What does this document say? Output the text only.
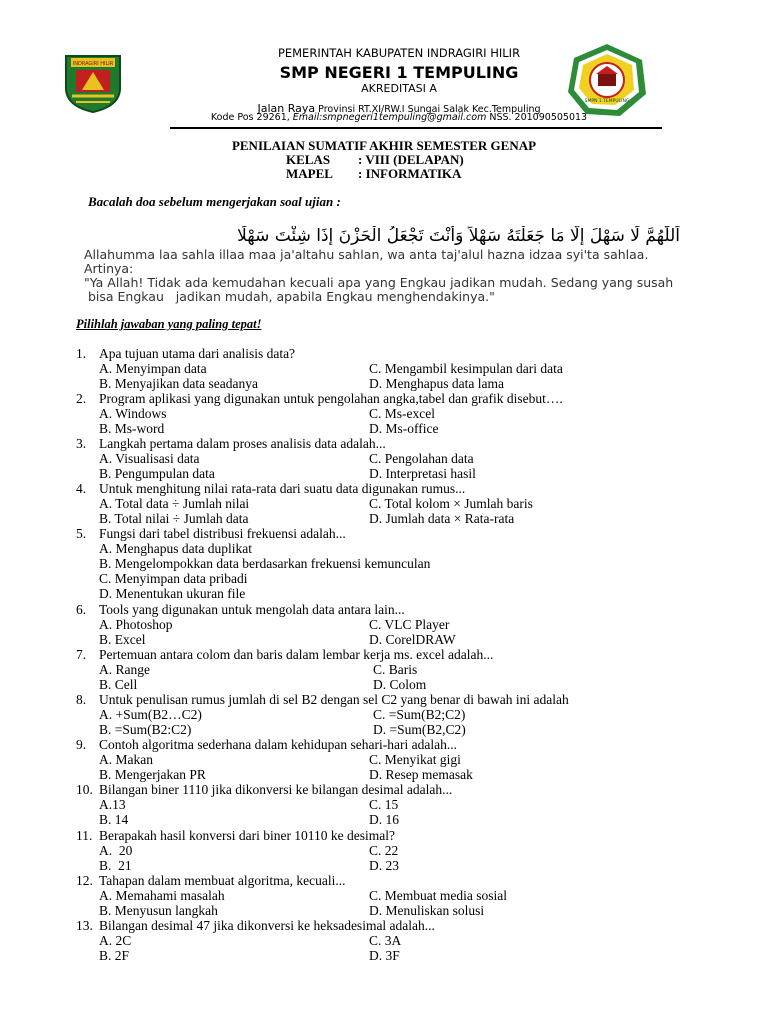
INDRAGIRI HILIR
SMPN 1 TEMPULING
PEMERINTAH KABUPATEN INDRAGIRI HILIR
SMP NEGERI 1 TEMPULING
AKREDITASI A
Jalan Raya Provinsi RT.XI/RW.I Sungai Salak Kec.Tempuling
Kode Pos 29261, Email:smpnegeri1tempuling@gmail.com NSS. 201090505013
PENILAIAN SUMATIF AKHIR SEMESTER GENAP
KELAS : VIII (DELAPAN)
MAPEL : INFORMATIKA
Bacalah doa sebelum mengerjakan soal ujian :
اَللّٰهُمَّ لَا سَهْلَ إِلَّا مَا جَعَلْتَهُ سَهْلاً وَأَنْتَ تَجْعَلُ الْحَزْنَ إِذَا شِئْتَ سَهْلًا
Allahumma laa sahla illaa maa ja'altahu sahlan, wa anta taj'alul hazna idzaa syi'ta sahlaa.
Artinya:
"Ya Allah! Tidak ada kemudahan kecuali apa yang Engkau jadikan mudah. Sedang yang susah
bisa Engkau   jadikan mudah, apabila Engkau menghendakinya."
Pilihlah jawaban yang paling tepat!
1. Apa tujuan utama dari analisis data?
A. Menyimpan data	C. Mengambil kesimpulan dari data
B. Menyajikan data seadanya	D. Menghapus data lama
2. Program aplikasi yang digunakan untuk pengolahan angka,tabel dan grafik disebut….
A. Windows	C. Ms-excel
B. Ms-word	D. Ms-office
3. Langkah pertama dalam proses analisis data adalah...
A. Visualisasi data	C. Pengolahan data
B. Pengumpulan data	D. Interpretasi hasil
4. Untuk menghitung nilai rata-rata dari suatu data digunakan rumus...
A. Total data ÷ Jumlah nilai	C. Total kolom × Jumlah baris
B. Total nilai ÷ Jumlah data	D. Jumlah data × Rata-rata
5. Fungsi dari tabel distribusi frekuensi adalah...
A. Menghapus data duplikat
B. Mengelompokkan data berdasarkan frekuensi kemunculan
C. Menyimpan data pribadi
D. Menentukan ukuran file
6. Tools yang digunakan untuk mengolah data antara lain...
A. Photoshop	C. VLC Player
B. Excel	D. CorelDRAW
7. Pertemuan antara colom dan baris dalam lembar kerja ms. excel adalah...
A. Range	C. Baris
B. Cell	D. Colom
8. Untuk penulisan rumus jumlah di sel B2 dengan sel C2 yang benar di bawah ini adalah
A. +Sum(B2…C2)	C. =Sum(B2;C2)
B. =Sum(B2:C2)	D. =Sum(B2,C2)
9. Contoh algoritma sederhana dalam kehidupan sehari-hari adalah...
A. Makan	C. Menyikat gigi
B. Mengerjakan PR	D. Resep memasak
10. Bilangan biner 1110 jika dikonversi ke bilangan desimal adalah...
A.13	C. 15
B. 14	D. 16
11. Berapakah hasil konversi dari biner 10110 ke desimal?
A.  20	C. 22
B.  21	D. 23
12. Tahapan dalam membuat algoritma, kecuali...
A. Memahami masalah	C. Membuat media sosial
B. Menyusun langkah	D. Menuliskan solusi
13. Bilangan desimal 47 jika dikonversi ke heksadesimal adalah...
A. 2C	C. 3A
B. 2F	D. 3F
